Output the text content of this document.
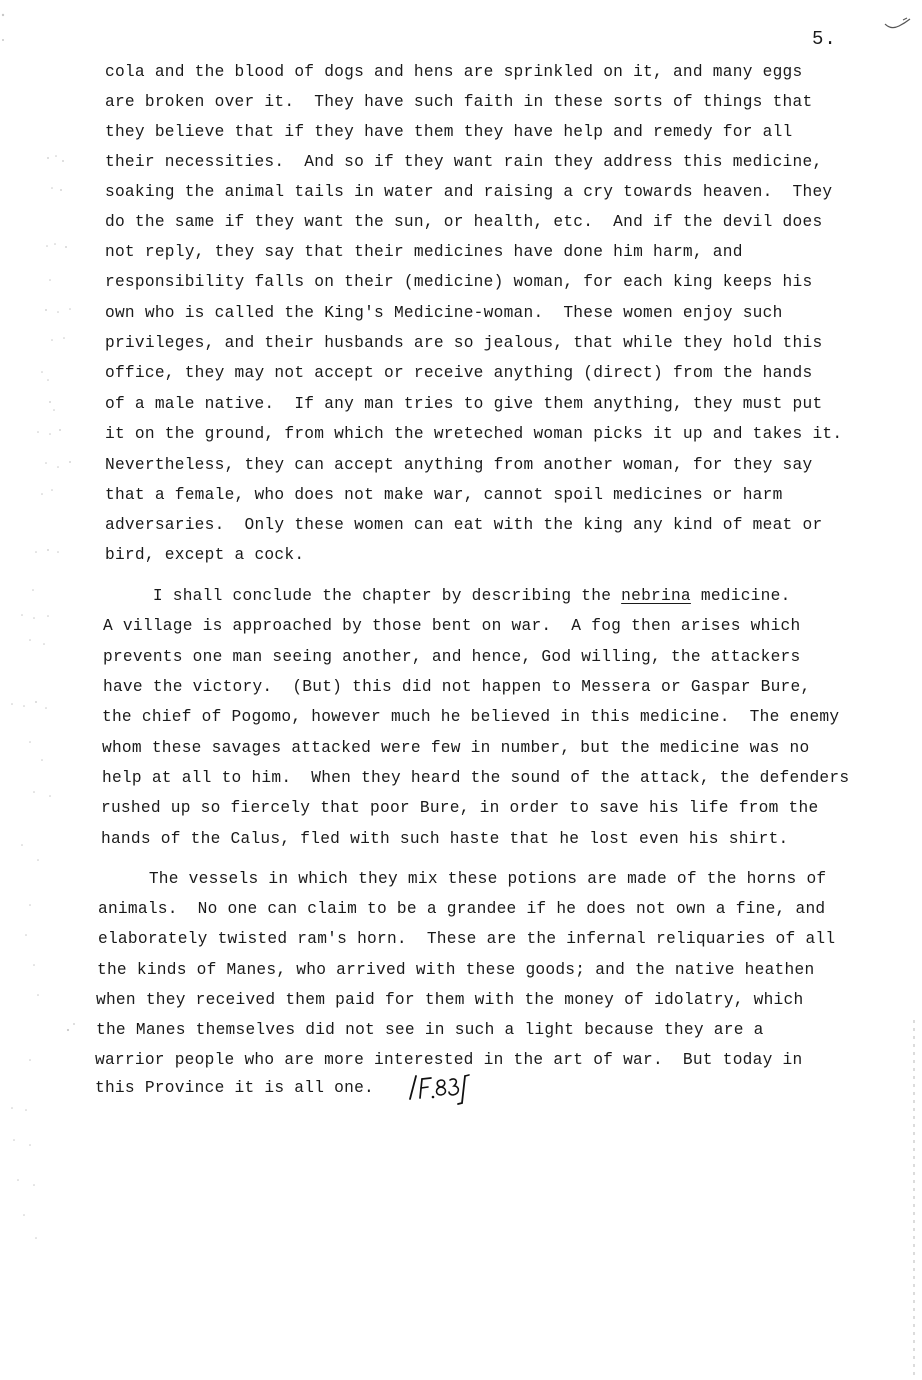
5.
cola and the blood of dogs and hens are sprinkled on it, and many eggs
are broken over it.  They have such faith in these sorts of things that
they believe that if they have them they have help and remedy for all
their necessities.  And so if they want rain they address this medicine,
soaking the animal tails in water and raising a cry towards heaven.  They
do the same if they want the sun, or health, etc.  And if the devil does
not reply, they say that their medicines have done him harm, and
responsibility falls on their (medicine) woman, for each king keeps his
own who is called the King's Medicine-woman.  These women enjoy such
privileges, and their husbands are so jealous, that while they hold this
office, they may not accept or receive anything (direct) from the hands
of a male native.  If any man tries to give them anything, they must put
it on the ground, from which the wreteched woman picks it up and takes it.
Nevertheless, they can accept anything from another woman, for they say
that a female, who does not make war, cannot spoil medicines or harm
adversaries.  Only these women can eat with the king any kind of meat or
bird, except a cock.
I shall conclude the chapter by describing the nebrina medicine.
A village is approached by those bent on war.  A fog then arises which
prevents one man seeing another, and hence, God willing, the attackers
have the victory.  (But) this did not happen to Messera or Gaspar Bure,
the chief of Pogomo, however much he believed in this medicine.  The enemy
whom these savages attacked were few in number, but the medicine was no
help at all to him.  When they heard the sound of the attack, the defenders
rushed up so fiercely that poor Bure, in order to save his life from the
hands of the Calus, fled with such haste that he lost even his shirt.
The vessels in which they mix these potions are made of the horns of
animals.  No one can claim to be a grandee if he does not own a fine, and
elaborately twisted ram's horn.  These are the infernal reliquaries of all
the kinds of Manes, who arrived with these goods; and the native heathen
when they received them paid for them with the money of idolatry, which
the Manes themselves did not see in such a light because they are a
warrior people who are more interested in the art of war.  But today in
this Province it is all one.
